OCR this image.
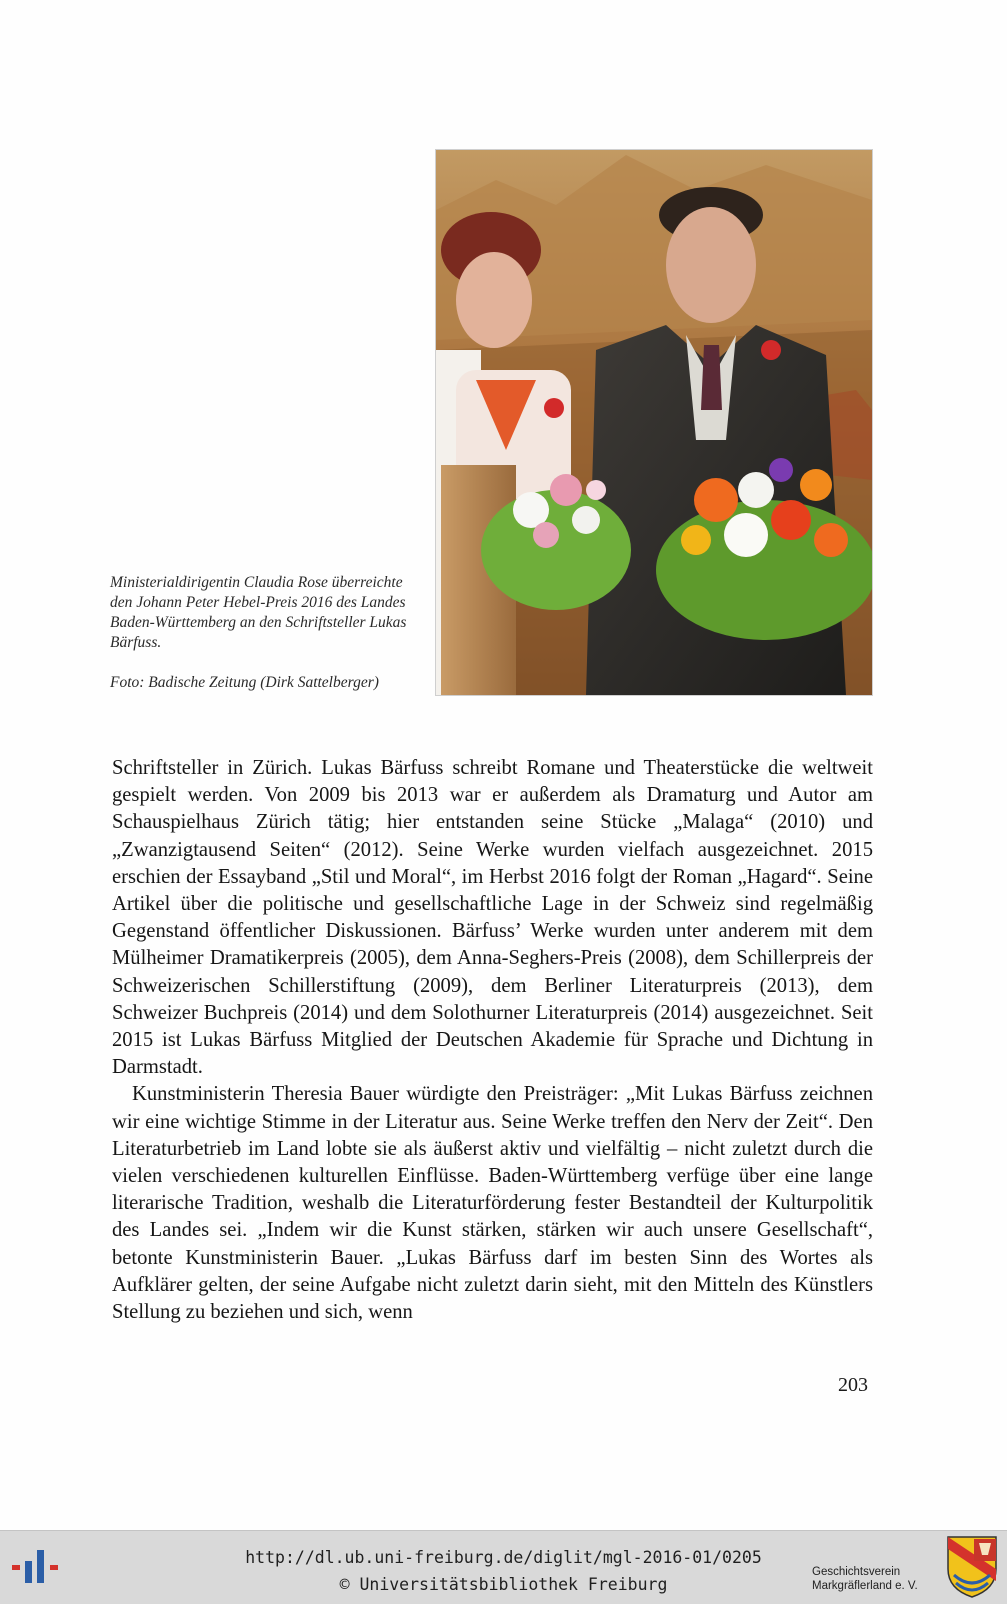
Ministerialdirigentin Claudia Rose überreichte den Johann Peter Hebel-Preis 2016 des Landes Baden-Württemberg an den Schriftsteller Lukas Bärfuss.

Foto: Badische Zeitung (Dirk Sattelberger)

Schriftsteller in Zürich. Lukas Bärfuss schreibt Romane und Theaterstücke die weltweit gespielt werden. Von 2009 bis 2013 war er außerdem als Dramaturg und Autor am Schauspielhaus Zürich tätig; hier entstanden seine Stücke „Malaga“ (2010) und „Zwanzigtausend Seiten“ (2012). Seine Werke wurden vielfach ausgezeichnet. 2015 erschien der Essayband „Stil und Moral“, im Herbst 2016 folgt der Roman „Hagard“. Seine Artikel über die politische und gesellschaftliche Lage in der Schweiz sind regelmäßig Gegenstand öffentlicher Diskussionen. Bärfuss’ Werke wurden unter anderem mit dem Mülheimer Dramatikerpreis (2005), dem Anna-Seghers-Preis (2008), dem Schillerpreis der Schweizerischen Schillerstiftung (2009), dem Berliner Literaturpreis (2013), dem Schweizer Buchpreis (2014) und dem Solothurner Literaturpreis (2014) ausgezeichnet. Seit 2015 ist Lukas Bärfuss Mitglied der Deutschen Akademie für Sprache und Dichtung in Darmstadt.

Kunstministerin Theresia Bauer würdigte den Preisträger: „Mit Lukas Bärfuss zeichnen wir eine wichtige Stimme in der Literatur aus. Seine Werke treffen den Nerv der Zeit“. Den Literaturbetrieb im Land lobte sie als äußerst aktiv und vielfältig – nicht zuletzt durch die vielen verschiedenen kulturellen Einflüsse. Baden-Württemberg verfüge über eine lange literarische Tradition, weshalb die Literaturförderung fester Bestandteil der Kulturpolitik des Landes sei. „Indem wir die Kunst stärken, stärken wir auch unsere Gesellschaft“, betonte Kunstministerin Bauer. „Lukas Bärfuss darf im besten Sinn des Wortes als Aufklärer gelten, der seine Aufgabe nicht zuletzt darin sieht, mit den Mitteln des Künstlers Stellung zu beziehen und sich, wenn

203
http://dl.ub.uni-freiburg.de/diglit/mgl-2016-01/0205
© Universitätsbibliothek Freiburg
Geschichtsverein
Markgräflerland e. V.
